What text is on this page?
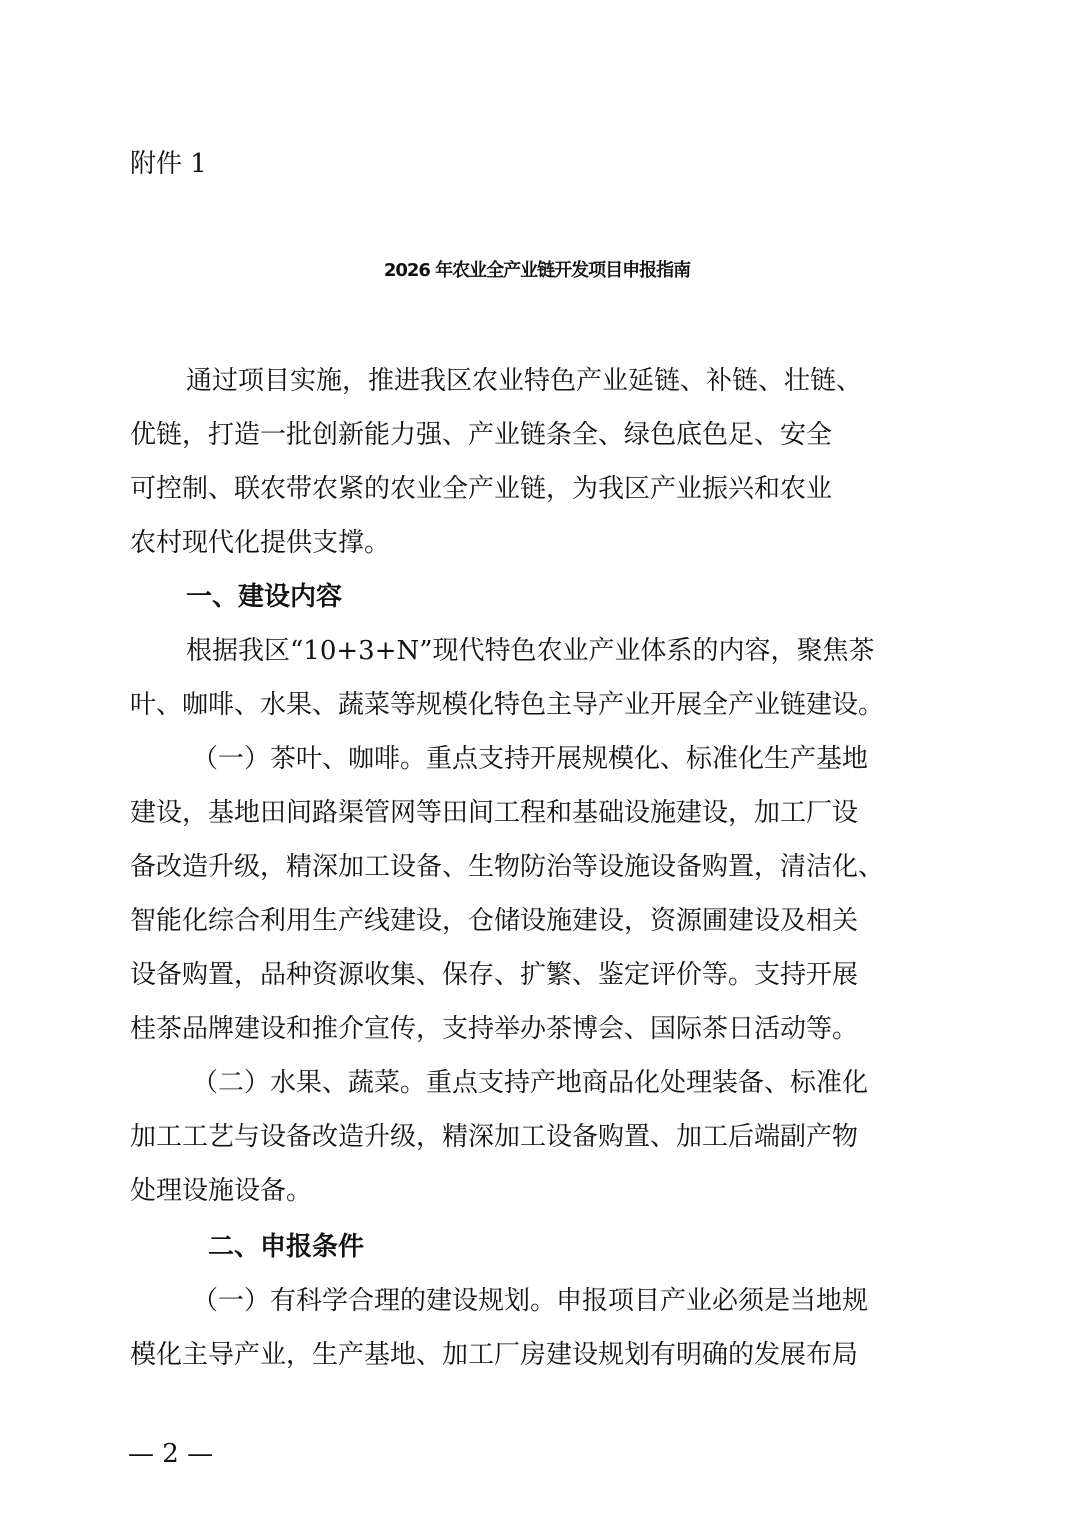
附件 1
2026 年农业全产业链开发项目申报指南
通过项目实施，推进我区农业特色产业延链、补链、壮链、
优链，打造一批创新能力强、产业链条全、绿色底色足、安全
可控制、联农带农紧的农业全产业链，为我区产业振兴和农业
农村现代化提供支撑。
一、建设内容
根据我区“10+3+N”现代特色农业产业体系的内容，聚焦茶
叶、咖啡、水果、蔬菜等规模化特色主导产业开展全产业链建设。
（一）茶叶、咖啡。重点支持开展规模化、标准化生产基地
建设，基地田间路渠管网等田间工程和基础设施建设，加工厂设
备改造升级，精深加工设备、生物防治等设施设备购置，清洁化、
智能化综合利用生产线建设，仓储设施建设，资源圃建设及相关
设备购置，品种资源收集、保存、扩繁、鉴定评价等。支持开展
桂茶品牌建设和推介宣传，支持举办茶博会、国际茶日活动等。
（二）水果、蔬菜。重点支持产地商品化处理装备、标准化
加工工艺与设备改造升级，精深加工设备购置、加工后端副产物
处理设施设备。
二、申报条件
（一）有科学合理的建设规划。申报项目产业必须是当地规
模化主导产业，生产基地、加工厂房建设规划有明确的发展布局
— 2 —
